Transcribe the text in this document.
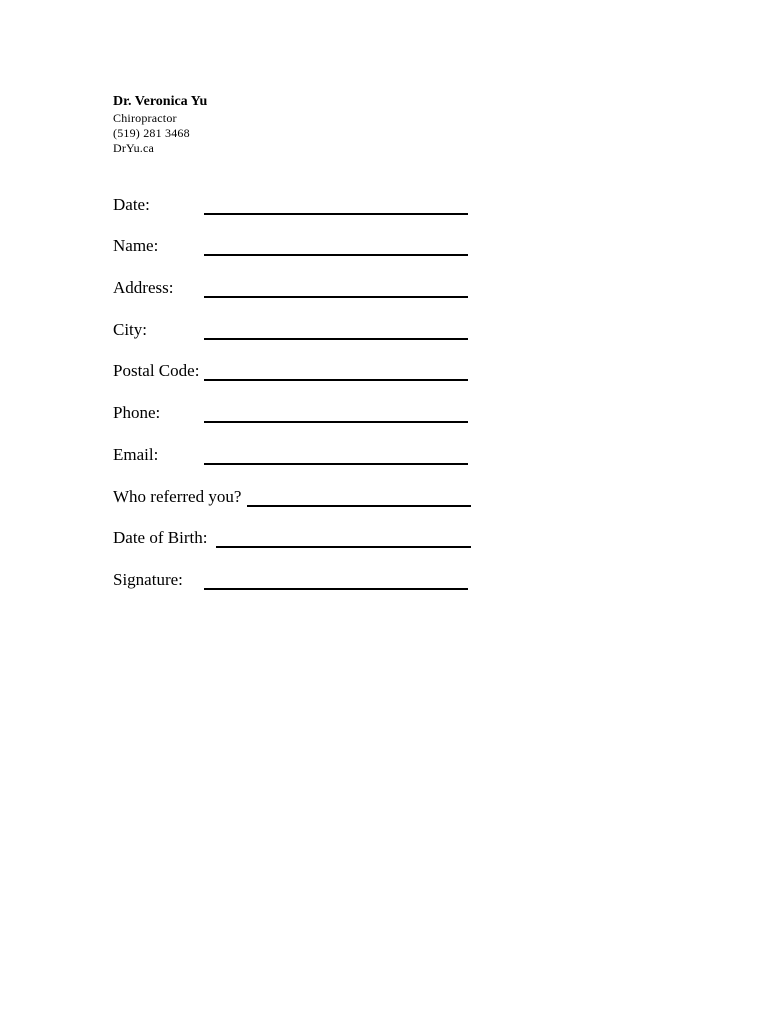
Dr. Veronica Yu

Chiropractor

(519) 281 3468

DrYu.ca

Date:
Name:
Address:
City:
Postal Code:
Phone:
Email:
Who referred you?
Date of Birth:
Signature:
